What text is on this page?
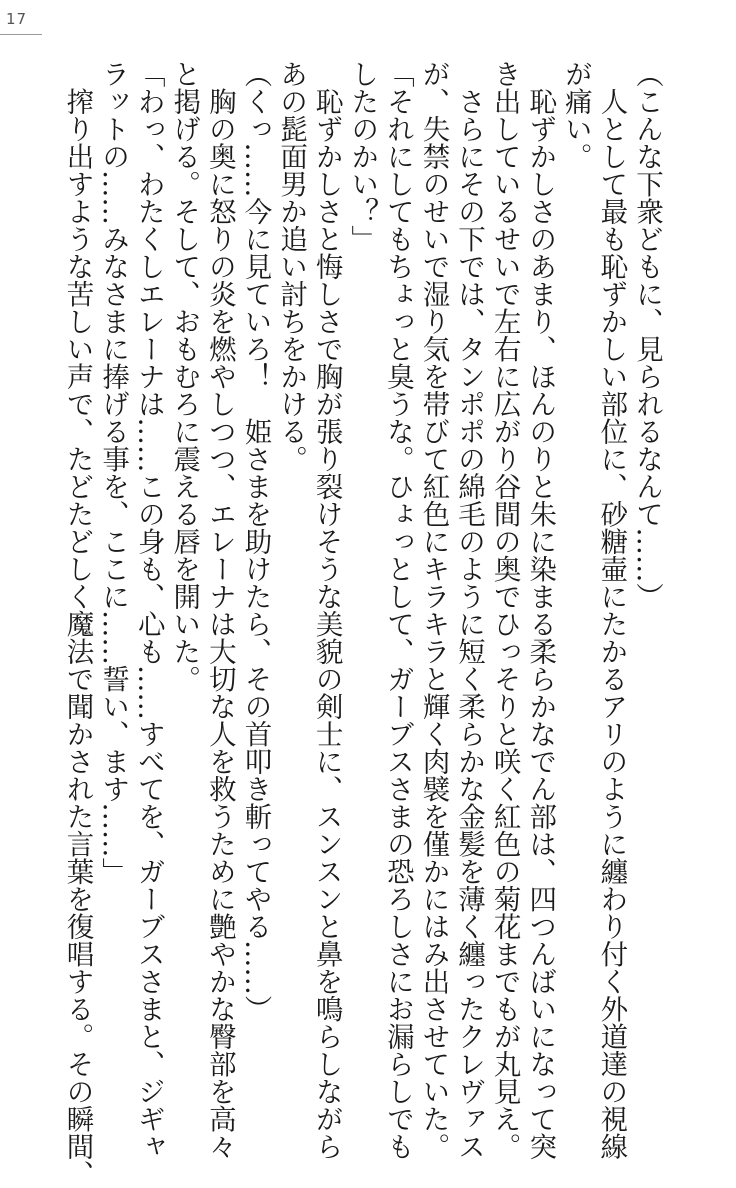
17
（こんな下衆どもに、見られるなんて……）
　人として最も恥ずかしい部位に、砂糖壷にたかるアリのように纏わり付く外道達の視線
が痛い。
　恥ずかしさのあまり、ほんのりと朱に染まる柔らかなでん部は、四つんばいになって突
き出しているせいで左右に広がり谷間の奥でひっそりと咲く紅色の菊花までもが丸見え。
　さらにその下では、タンポポの綿毛のように短く柔らかな金髪を薄く纏ったクレヴァス
が、失禁のせいで湿り気を帯びて紅色にキラキラと輝く肉襞を僅かにはみ出させていた。
「それにしてもちょっと臭うな。ひょっとして、ガーブスさまの恐ろしさにお漏らしでも
したのかい？」
　恥ずかしさと悔しさで胸が張り裂けそうな美貌の剣士に、スンスンと鼻を鳴らしながら
あの髭面男か追い討ちをかける。
（くっ……今に見ていろ！　姫さまを助けたら、その首叩き斬ってやる……）
　胸の奥に怒りの炎を燃やしつつ、エレーナは大切な人を救うために艶やかな臀部を高々
と掲げる。そして、おもむろに震える唇を開いた。
「わっ、わたくしエレーナは……この身も、心も……すべてを、ガーブスさまと、ジギャ
ラットの……みなさまに捧げる事を、ここに……誓い、ます……」
　搾り出すような苦しい声で、たどたどしく魔法で聞かされた言葉を復唱する。その瞬間、
